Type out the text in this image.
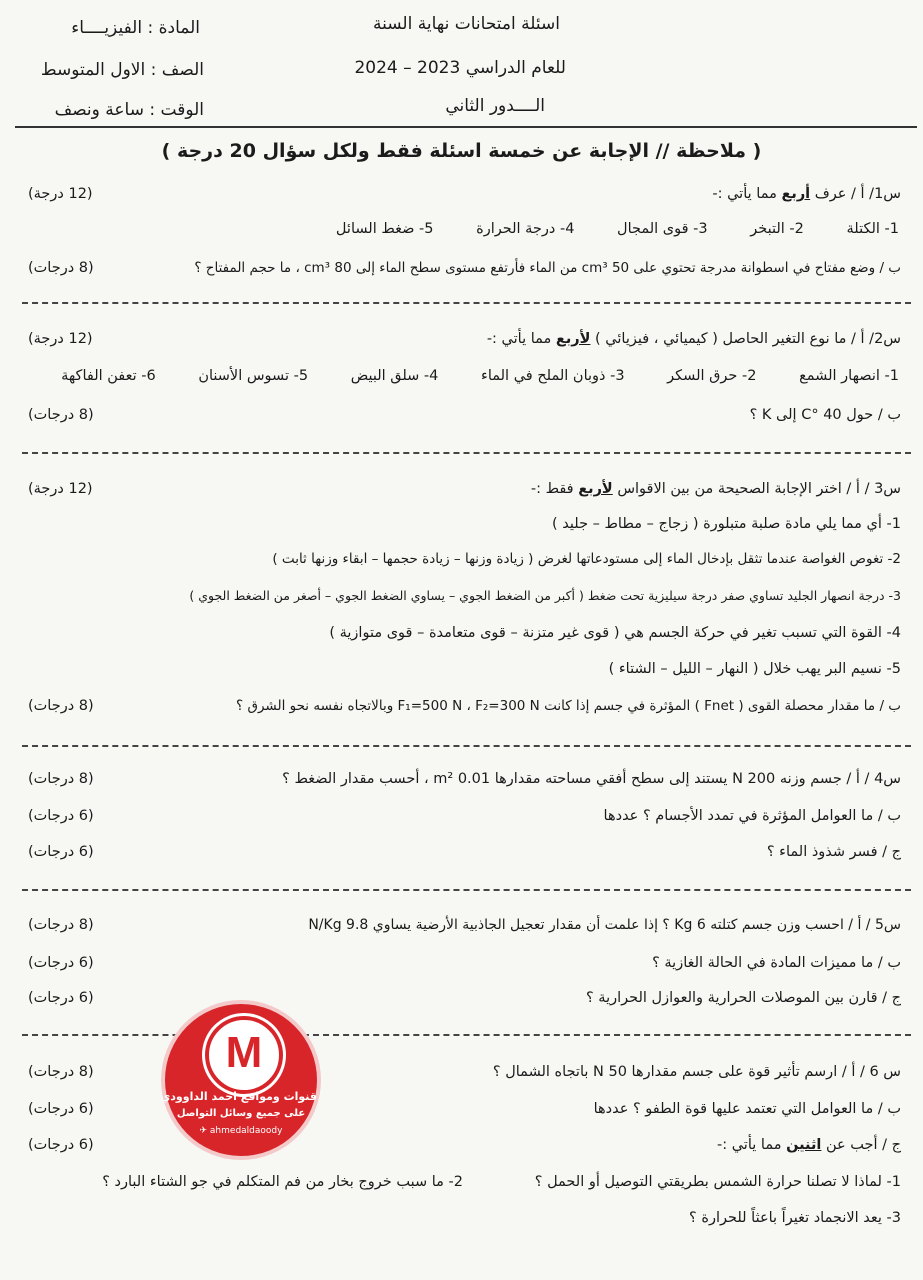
اسئلة امتحانات نهاية السنة
للعام الدراسي 2023 – 2024
الــــدور الثاني
المادة : الفيزيــــاء
الصف : الاول المتوسط
الوقت : ساعة ونصف
( ملاحظة // الإجابة عن خمسة اسئلة فقط ولكل سؤال 20 درجة )
س1/ أ / عرف أربع مما يأتي :-
(12 درجة)
1- الكتلة 2- التبخر 3- قوى المجال 4- درجة الحرارة 5- ضغط السائل
ب / وضع مفتاح في اسطوانة مدرجة تحتوي على 50 cm³ من الماء فأرتفع مستوى سطح الماء إلى 80 cm³ ، ما حجم المفتاح ؟
(8 درجات)
س2/ أ / ما نوع التغير الحاصل ( كيميائي ، فيزيائي ) لأربع مما يأتي :-
(12 درجة)
1- انصهار الشمع 2- حرق السكر 3- ذوبان الملح في الماء 4- سلق البيض 5- تسوس الأسنان 6- تعفن الفاكهة
ب / حول 40 °C إلى K ؟
(8 درجات)
س3 / أ / اختر الإجابة الصحيحة من بين الاقواس لأربع فقط :-
(12 درجة)
1- أي مما يلي مادة صلبة متبلورة ( زجاج – مطاط – جليد )
2- تغوص الغواصة عندما تثقل بإدخال الماء إلى مستودعاتها لغرض ( زيادة وزنها – زيادة حجمها – ابقاء وزنها ثابت )
3- درجة انصهار الجليد تساوي صفر درجة سيليزية تحت ضغط ( أكبر من الضغط الجوي – يساوي الضغط الجوي – أصغر من الضغط الجوي )
4- القوة التي تسبب تغير في حركة الجسم هي ( قوى غير متزنة – قوى متعامدة – قوى متوازية )
5- نسيم البر يهب خلال ( النهار – الليل – الشتاء )
ب / ما مقدار محصلة القوى ( Fnet ) المؤثرة في جسم إذا كانت F₁=500 N ، F₂=300 N وبالاتجاه نفسه نحو الشرق ؟
(8 درجات)
س4 / أ / جسم وزنه 200 N يستند إلى سطح أفقي مساحته مقدارها 0.01 m² ، أحسب مقدار الضغط ؟
(8 درجات)
ب / ما العوامل المؤثرة في تمدد الأجسام ؟ عددها
(6 درجات)
ج / فسر شذوذ الماء ؟
(6 درجات)
س5 / أ / احسب وزن جسم كتلته 6 Kg ؟ إذا علمت أن مقدار تعجيل الجاذبية الأرضية يساوي 9.8 N/Kg
(8 درجات)
ب / ما مميزات المادة في الحالة الغازية ؟
(6 درجات)
ج / قارن بين الموصلات الحرارية والعوازل الحرارية ؟
(6 درجات)
س 6 / أ / ارسم تأثير قوة على جسم مقدارها 50 N باتجاه الشمال ؟
(8 درجات)
ب / ما العوامل التي تعتمد عليها قوة الطفو ؟ عددها
(6 درجات)
ج / أجب عن اثنين مما يأتي :-
(6 درجات)
1- لماذا لا تصلنا حرارة الشمس بطريقتي التوصيل أو الحمل ؟
2- ما سبب خروج بخار من فم المتكلم في جو الشتاء البارد ؟
3- يعد الانجماد تغيراً باعثاً للحرارة ؟
M
قنوات ومواقع احمد الداوودي
على جميع وسائل التواصل
✈ ahmedaldaoody
